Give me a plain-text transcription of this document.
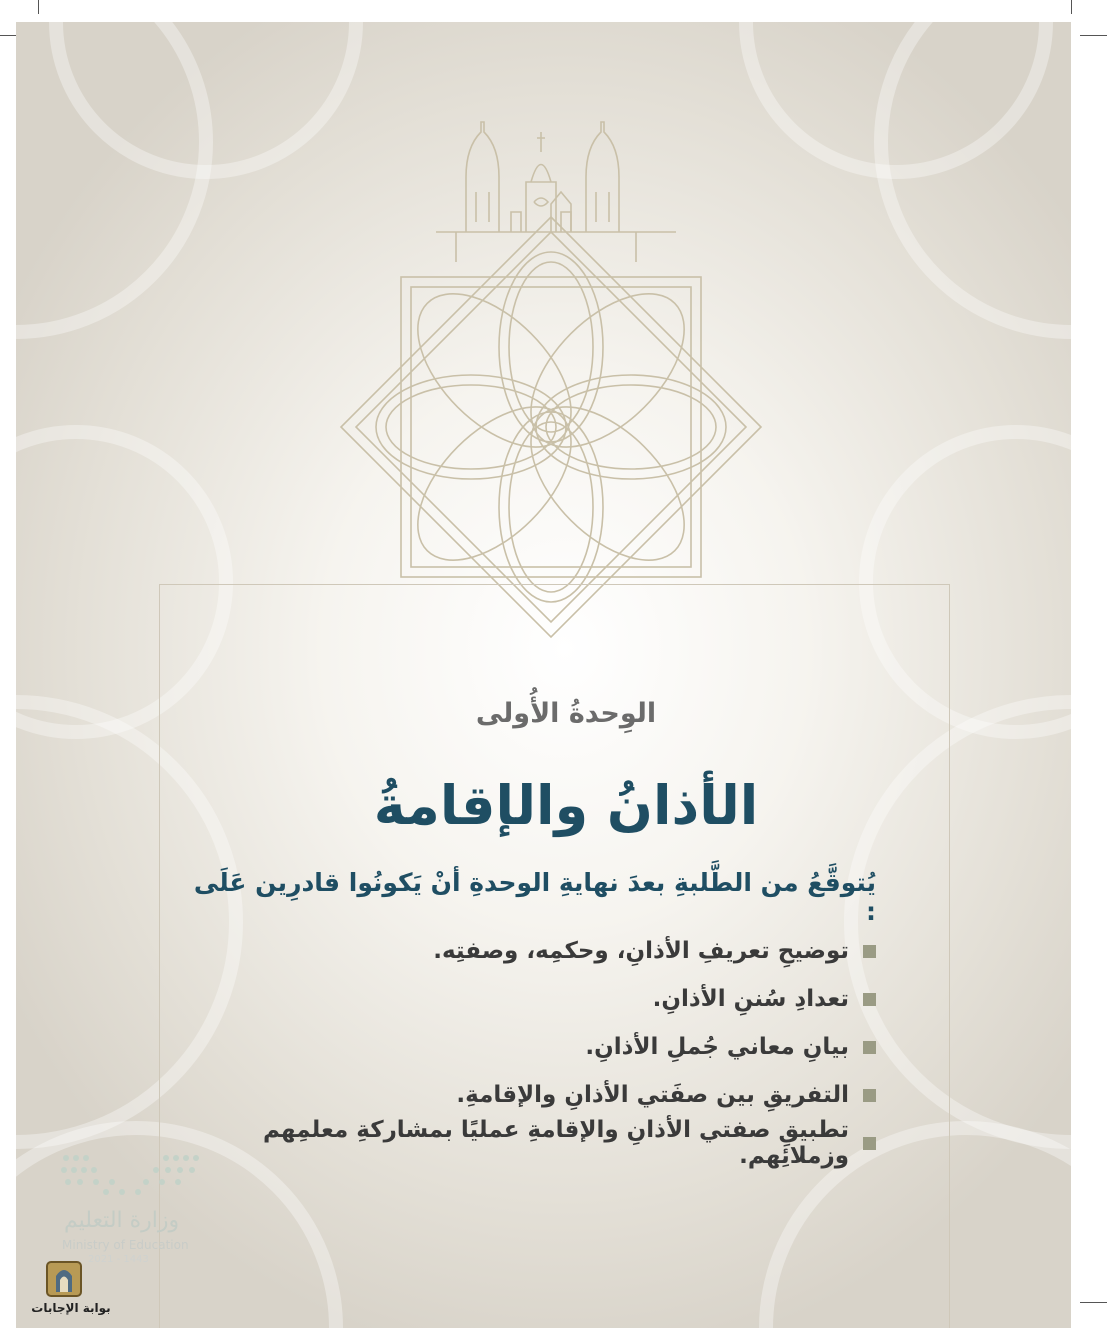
الوِحدةُ الأُولى
الأذانُ والإقامةُ
يُتوقَّعُ من الطَّلبةِ بعدَ نهايةِ الوحدةِ أنْ يَكونُوا قادرِين عَلَى :
توضيحِ تعريفِ الأذانِ، وحكمِه، وصفتِه.
تعدادِ سُننِ الأذانِ.
بيانِ معاني جُملِ الأذانِ.
التفريقِ بين صفَتي الأذانِ والإقامةِ.
تطبيقِ صفتي الأذانِ والإقامةِ عمليًا بمشاركةِ معلمِهم وزملائِهم.
وزارة التعليم
Ministry of Education
2021 - 1443
بوابة الإجابات
